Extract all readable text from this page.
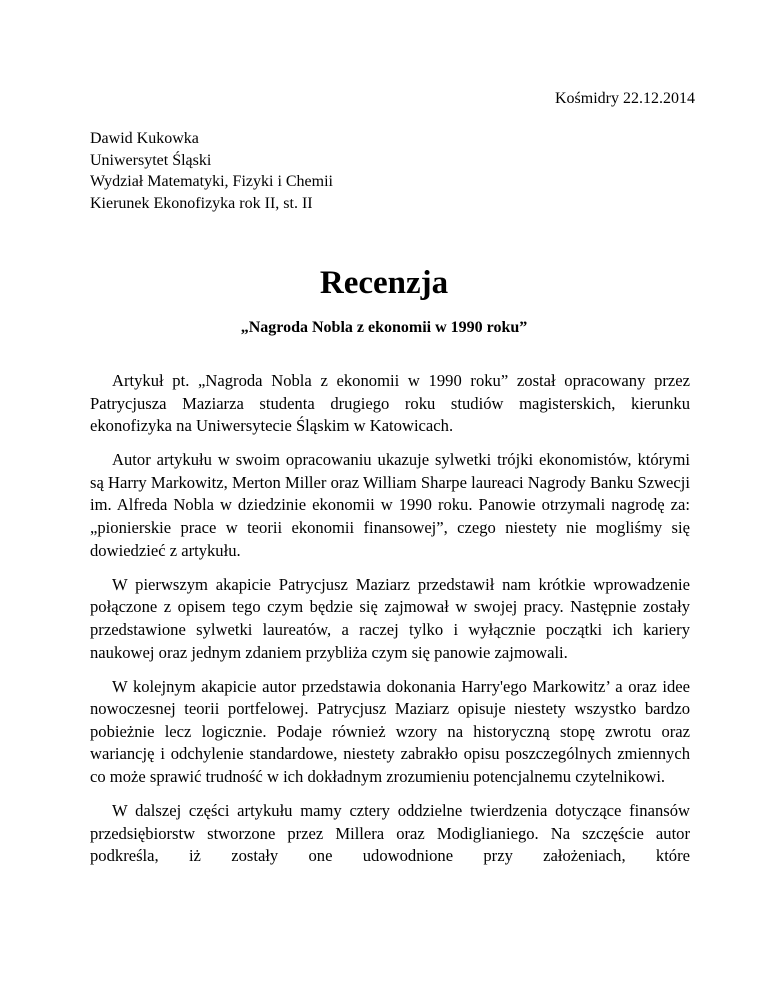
Kośmidry 22.12.2014
Dawid Kukowka
Uniwersytet Śląski
Wydział Matematyki, Fizyki i Chemii
Kierunek Ekonofizyka rok II, st. II
Recenzja
„Nagroda Nobla z ekonomii w 1990 roku”

Artykuł pt. „Nagroda Nobla z ekonomii w 1990 roku” został opracowany przez Patrycjusza Maziarza studenta drugiego roku studiów magisterskich, kierunku ekonofizyka na Uniwersytecie Śląskim w Katowicach.

Autor artykułu w swoim opracowaniu ukazuje sylwetki trójki ekonomistów, którymi są Harry Markowitz, Merton Miller oraz William Sharpe laureaci Nagrody Banku Szwecji im. Alfreda Nobla w dziedzinie ekonomii w 1990 roku. Panowie otrzymali nagrodę za: „pionierskie prace w teorii ekonomii finansowej”, czego niestety nie mogliśmy się dowiedzieć z artykułu.

W pierwszym akapicie Patrycjusz Maziarz przedstawił nam krótkie wprowadzenie połączone z opisem tego czym będzie się zajmował w swojej pracy. Następnie zostały przedstawione sylwetki laureatów, a raczej tylko i wyłącznie początki ich kariery naukowej oraz jednym zdaniem przybliża czym się panowie zajmowali.

W kolejnym akapicie autor przedstawia dokonania Harry'ego Markowitz’ a oraz idee nowoczesnej teorii portfelowej. Patrycjusz Maziarz opisuje niestety wszystko bardzo pobieżnie lecz logicznie. Podaje również wzory na historyczną stopę zwrotu oraz wariancję i odchylenie standardowe, niestety zabrakło opisu poszczególnych zmiennych co może sprawić trudność w ich dokładnym zrozumieniu potencjalnemu czytelnikowi.

W dalszej części artykułu mamy cztery oddzielne twierdzenia dotyczące finansów przedsiębiorstw stworzone przez Millera oraz Modiglianiego. Na szczęście autor podkreśla, iż zostały one udowodnione przy założeniach, które
